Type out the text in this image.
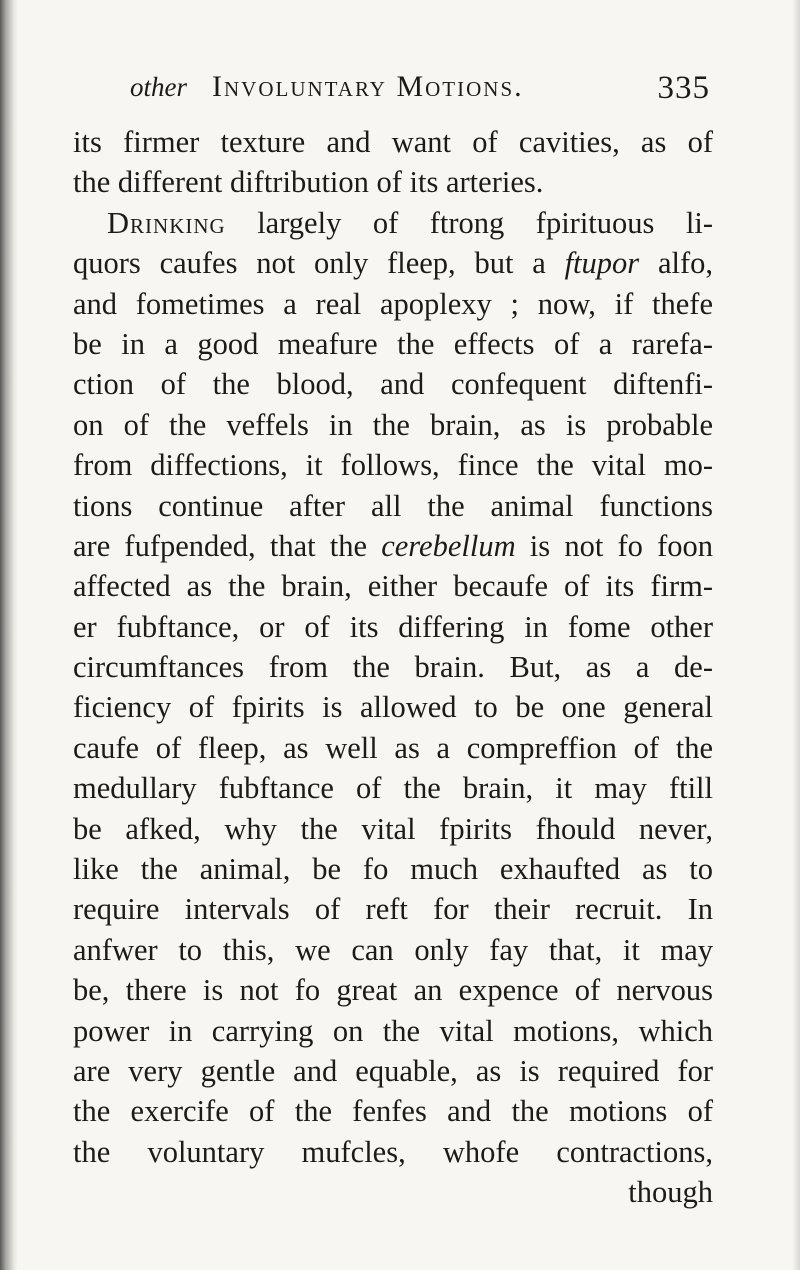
other Involuntary Motions.	335
its firmer texture and want of cavities, as of
the different diftribution of its arteries.
Drinking largely of ftrong fpirituous li-
quors caufes not only fleep, but a ftupor alfo,
and fometimes a real apoplexy ; now, if thefe
be in a good meafure the effects of a rarefa-
ction of the blood, and confequent diftenfi-
on of the veffels in the brain, as is probable
from diffections, it follows, fince the vital mo-
tions continue after all the animal functions
are fufpended, that the cerebellum is not fo foon
affected as the brain, either becaufe of its firm-
er fubftance, or of its differing in fome other
circumftances from the brain. But, as a de-
ficiency of fpirits is allowed to be one general
caufe of fleep, as well as a compreffion of the
medullary fubftance of the brain, it may ftill
be afked, why the vital fpirits fhould never,
like the animal, be fo much exhaufted as to
require intervals of reft for their recruit. In
anfwer to this, we can only fay that, it may
be, there is not fo great an expence of nervous
power in carrying on the vital motions, which
are very gentle and equable, as is required for
the exercife of the fenfes and the motions of
the voluntary mufcles, whofe contractions,
though
